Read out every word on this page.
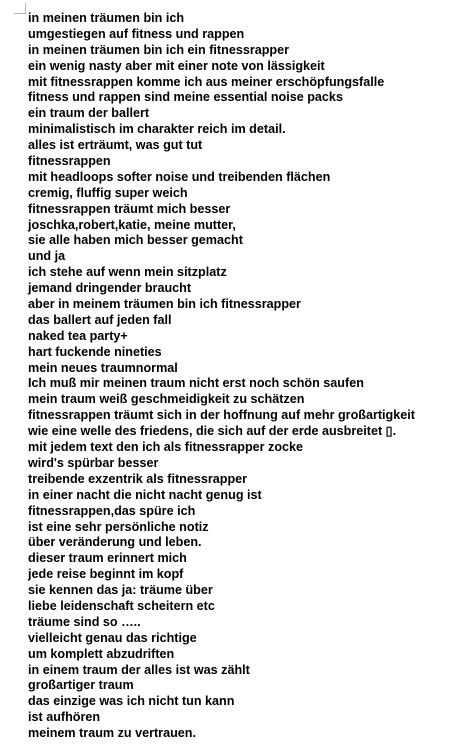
in meinen träumen bin ich
umgestiegen auf fitness und rappen
in meinen träumen bin ich ein fitnessrapper
ein wenig nasty aber mit einer note von lässigkeit
mit fitnessrappen komme ich aus meiner erschöpfungsfalle
fitness und rappen sind meine essential noise packs
ein traum der ballert
minimalistisch im charakter reich im detail.
alles ist erträumt, was gut tut
fitnessrappen
mit headloops softer noise und treibenden flächen
cremig, fluffig super weich
fitnessrappen träumt mich besser
joschka,robert,katie, meine mutter,
sie alle haben mich besser gemacht
und ja
ich stehe auf wenn mein sitzplatz
jemand dringender braucht
aber in meinem träumen bin ich fitnessrapper
das ballert auf jeden fall
naked tea party+
hart fuckende nineties
mein neues traumnormal
Ich muß mir meinen traum nicht erst noch schön saufen
mein traum weiß geschmeidigkeit zu schätzen
fitnessrappen träumt sich in der hoffnung auf mehr großartigkeit
wie eine welle des friedens, die sich auf der erde ausbreitet ▯.
mit jedem text den ich als fitnessrapper zocke
wird's spürbar besser
treibende exzentrik als fitnessrapper
in einer nacht die nicht nacht genug ist
fitnessrappen,das spüre ich
ist eine sehr persönliche notiz
über veränderung und leben.
dieser traum erinnert mich
jede reise beginnt im kopf
sie kennen das ja: träume über
liebe leidenschaft scheitern etc
träume sind so …..
vielleicht genau das richtige
um komplett abzudriften
in einem traum der alles ist was zählt
großartiger traum
das einzige was ich nicht tun kann
ist aufhören
meinem traum zu vertrauen.
